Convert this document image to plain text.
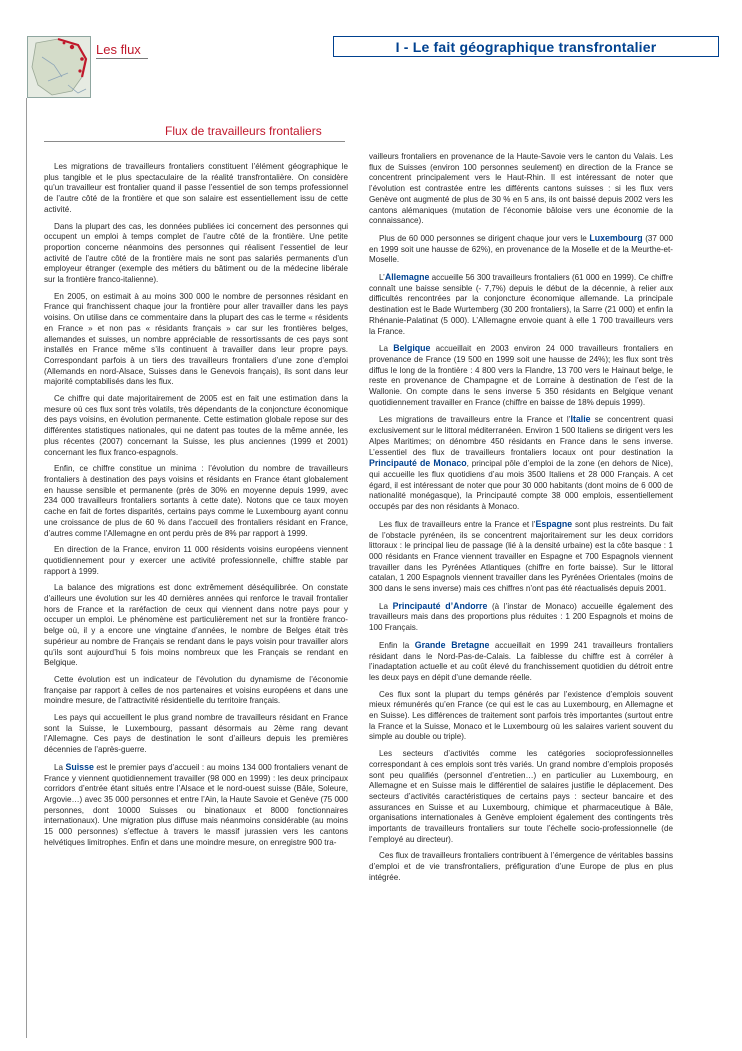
Les flux	I - Le fait géographique transfrontalier
Flux de travailleurs frontaliers

Les migrations de travailleurs frontaliers constituent l’élément géographique le plus tangible et le plus spectaculaire de la réalité transfrontalière. On considère qu’un travailleur est frontalier quand il passe l’essentiel de son temps professionnel de l’autre côté de la frontière et que son salaire est essentiellement issu de cette activité.

Dans la plupart des cas, les données publiées ici concernent des personnes qui occupent un emploi à temps complet de l’autre côté de la frontière. Une petite proportion concerne néanmoins des personnes qui réalisent l’essentiel de leur activité de l’autre côté de la frontière mais ne sont pas salariés permanents d’un employeur étranger (exemple des métiers du bâtiment ou de la médecine libérale sur la frontière franco-italienne).

En 2005, on estimait à au moins 300 000 le nombre de personnes résidant en France qui franchissent chaque jour la frontière pour aller travailler dans les pays voisins. On utilise dans ce commentaire dans la plupart des cas le terme « résidents en France » et non pas « résidants français » car sur les frontières belges, allemandes et suisses, un nombre appréciable de ressortissants de ces pays sont installés en France même s’ils continuent à travailler dans leur propre pays. Correspondant parfois à un tiers des travailleurs frontaliers d’une zone d’emploi (Allemands en nord-Alsace, Suisses dans le Genevois français), ils sont dans leur majorité comptabilisés dans les flux.

Ce chiffre qui date majoritairement de 2005 est en fait une estimation dans la mesure où ces flux sont très volatils, très dépendants de la conjoncture économique des pays voisins, en évolution permanente. Cette estimation globale repose sur des différentes statistiques nationales, qui ne datent pas toutes de la même année, les plus récentes (2007) concernant la Suisse, les plus anciennes (1999 et 2001) concernant les flux franco-espagnols.

Enfin, ce chiffre constitue un minima : l’évolution du nombre de travailleurs frontaliers à destination des pays voisins et résidants en France étant globalement en hausse sensible et permanente (près de 30% en moyenne depuis 1999, avec 234 000 travailleurs frontaliers sortants à cette date). Notons que ce taux moyen cache en fait de fortes disparités, certains pays comme le Luxembourg ayant connu une croissance de plus de 60 % dans l’accueil des frontaliers résidant en France, d’autres comme l’Allemagne en ont perdu près de 8% par rapport à 1999.

En direction de la France, environ 11 000 résidents voisins européens viennent quotidiennement pour y exercer une activité professionnelle, chiffre stable par rapport à 1999.

La balance des migrations est donc extrêmement déséquilibrée. On constate d’ailleurs une évolution sur les 40 dernières années qui renforce le travail frontalier hors de France et la raréfaction de ceux qui viennent dans notre pays pour y occuper un emploi. Le phénomène est particulièrement net sur la frontière franco-belge où, il y a encore une vingtaine d’années, le nombre de Belges était très supérieur au nombre de Français se rendant dans le pays voisin pour travailler alors qu’ils sont aujourd’hui 5 fois moins nombreux que les Français se rendant en Belgique.

Cette évolution est un indicateur de l’évolution du dynamisme de l’économie française par rapport à celles de nos partenaires et voisins européens et dans une moindre mesure, de l’attractivité résidentielle du territoire français.

Les pays qui accueillent le plus grand nombre de travailleurs résidant en France sont la Suisse, le Luxembourg, passant désormais au 2ème rang devant l’Allemagne. Ces pays de destination le sont d’ailleurs depuis les premières décennies de l’après-guerre.

La Suisse est le premier pays d’accueil : au moins 134 000 frontaliers venant de France y viennent quotidiennement travailler (98 000 en 1999) : les deux principaux corridors d’entrée étant situés entre l’Alsace et le nord-ouest suisse (Bâle, Soleure, Argovie…) avec 35 000 personnes et entre l’Ain, la Haute Savoie et Genève (75 000 personnes, dont 10000 Suisses ou binationaux et 8000 fonctionnaires internationaux). Une migration plus diffuse mais néanmoins considérable (au moins 15 000 personnes) s’effectue à travers le massif jurassien vers les cantons helvétiques limitrophes. Enfin et dans une moindre mesure, on enregistre 900 tra-

vailleurs frontaliers en provenance de la Haute-Savoie vers le canton du Valais. Les flux de Suisses (environ 100 personnes seulement) en direction de la France se concentrent principalement vers le Haut-Rhin. Il est intéressant de noter que l’évolution est contrastée entre les différents cantons suisses : si les flux vers Genève ont augmenté de plus de 30 % en 5 ans, ils ont baissé depuis 2002 vers les cantons alémaniques (mutation de l’économie bâloise vers une économie de la connaissance).

Plus de 60 000 personnes se dirigent chaque jour vers le Luxembourg (37 000 en 1999 soit une hausse de 62%), en provenance de la Moselle et de la Meurthe-et-Moselle.

L’Allemagne accueille 56 300 travailleurs frontaliers (61 000 en 1999). Ce chiffre connaît une baisse sensible (- 7,7%) depuis le début de la décennie, à relier aux difficultés rencontrées par la conjoncture économique allemande. La principale destination est le Bade Wurtemberg (30 200 frontaliers), la Sarre (21 000) et enfin la Rhénanie-Palatinat (5 000). L’Allemagne envoie quant à elle 1 700 travailleurs vers la France.

La Belgique accueillait en 2003 environ 24 000 travailleurs frontaliers en provenance de France (19 500 en 1999 soit une hausse de 24%); les flux sont très diffus le long de la frontière : 4 800 vers la Flandre, 13 700 vers le Hainaut belge, le reste en provenance de Champagne et de Lorraine à destination de l’est de la Wallonie. On compte dans le sens inverse 5 350 résidants en Belgique venant quotidiennement travailler en France (chiffre en baisse de 18% depuis 1999).

Les migrations de travailleurs entre la France et l’Italie se concentrent quasi exclusivement sur le littoral méditerranéen. Environ 1 500 Italiens se dirigent vers les Alpes Maritimes; on dénombre 450 résidants en France dans le sens inverse. L’essentiel des flux de travailleurs frontaliers locaux ont pour destination la Principauté de Monaco, principal pôle d’emploi de la zone (en dehors de Nice), qui accueille les flux quotidiens d’au mois 3500 Italiens et 28 000 Français. A cet égard, il est intéressant de noter que pour 30 000 habitants (dont moins de 6 000 de nationalité monégasque), la Principauté compte 38 000 emplois, essentiellement occupés par des non résidants à Monaco.

Les flux de travailleurs entre la France et l’Espagne sont plus restreints. Du fait de l’obstacle pyrénéen, ils se concentrent majoritairement sur les deux corridors littoraux : le principal lieu de passage (lié à la densité urbaine) est la côte basque : 1 000 résidants en France viennent travailler en Espagne et 700 Espagnols viennent travailler dans les Pyrénées Atlantiques (chiffre en forte baisse). Sur le littoral catalan, 1 200 Espagnols viennent travailler dans les Pyrénées Orientales (moins de 300 dans le sens inverse) mais ces chiffres n’ont pas été réactualisés depuis 2001.

La Principauté d’Andorre (à l’instar de Monaco) accueille également des travailleurs mais dans des proportions plus réduites : 1 200 Espagnols et moins de 100 Français.

Enfin la Grande Bretagne accueillait en 1999 241 travailleurs frontaliers résidant dans le Nord-Pas-de-Calais. La faiblesse du chiffre est à corréler à l’inadaptation actuelle et au coût élevé du franchissement quotidien du détroit entre les deux pays en dépit d’une demande réelle.

Ces flux sont la plupart du temps générés par l’existence d’emplois souvent mieux rémunérés qu’en France (ce qui est le cas au Luxembourg, en Allemagne et en Suisse). Les différences de traitement sont parfois très importantes (surtout entre la France et la Suisse, Monaco et le Luxembourg où les salaires varient souvent du simple au double ou triple).

Les secteurs d’activités comme les catégories socioprofessionnelles correspondant à ces emplois sont très variés. Un grand nombre d’emplois proposés sont peu qualifiés (personnel d’entretien…) en particulier au Luxembourg, en Allemagne et en Suisse mais le différentiel de salaires justifie le déplacement. Des secteurs d’activités caractéristiques de certains pays : secteur bancaire et des assurances en Suisse et au Luxembourg, chimique et pharmaceutique à Bâle, organisations internationales à Genève emploient également des contingents très importants de travailleurs frontaliers sur toute l’échelle socio-professionnelle (de l’employé au directeur).

Ces flux de travailleurs frontaliers contribuent à l’émergence de véritables bassins d’emploi et de vie transfrontaliers, préfiguration d’une Europe de plus en plus intégrée.
